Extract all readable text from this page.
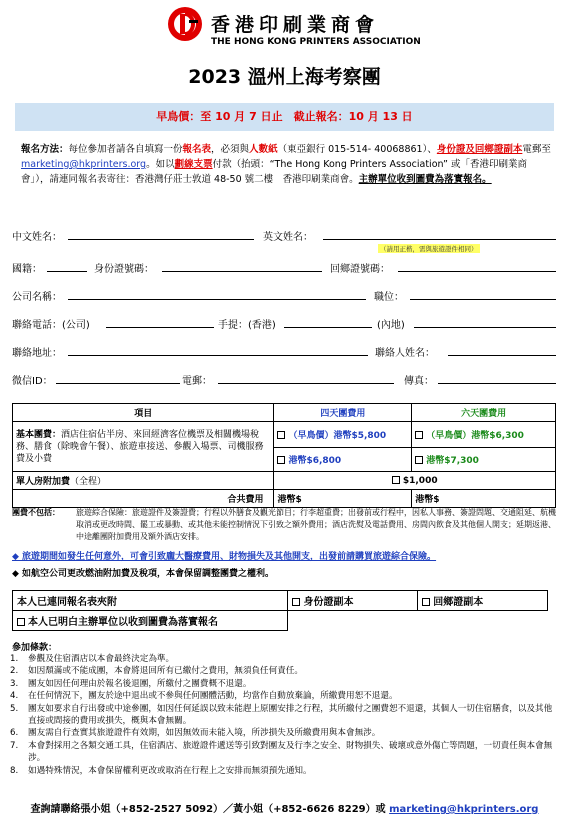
香港印刷業商會
THE HONG KONG PRINTERS ASSOCIATION
2023 溫州上海考察團
早鳥價：至 10 月 7 日止　截止報名：10 月 13 日
報名方法：每位參加者請各自填寫一份報名表，必須與人數紙（東亞銀行 015-514- 40068861）、身份證及回鄉證副本電郵至 marketing@hkprinters.org。如以劃線支票付款（抬頭：“The Hong Kong Printers Association” 或「香港印刷業商會」），請連同報名表寄往：香港灣仔莊士敦道 48-50 號二樓　香港印刷業商會。主辦單位收到圖費為落實報名。
中文姓名：	英文姓名：
（請用正楷，需與旅遊證件相同）
國籍：	身份證號碼：	回鄉證號碼：
公司名稱：	職位：
聯絡電話：(公司)	手提：(香港)	(內地)
聯絡地址：	聯絡人姓名：
微信ID：	電郵：	傳真：
項目	四天團費用	六天團費用
基本團費：酒店住宿佔半房、來回經濟客位機票及相關機場稅務、膳食（除晚會午餐）、旅遊車接送、參觀入場票、司機服務費及小費	（早鳥價）港幣$5,800	（早鳥價）港幣$6,300
	港幣$6,800	港幣$7,300
單人房附加費（全程）	$1,000	
合共費用	港幣$	港幣$
團費不包括：	旅遊綜合保險：旅遊證件及簽證費；行程以外膳食及觀光節目；行李超重費；出發前或行程中，因私人事務、簽證問題、交通阻延、航機取消或更改時間、罷工或暴動、或其他未能控制情況下引致之額外費用；酒店洗熨及電話費用、房間內飲食及其他個人開支；延期返港、中途離團附加費用及額外酒店安排。
◆ 旅遊期間如發生任何意外，可會引致龐大醫療費用、財物損失及其他開支，出發前請購買旅遊綜合保險。
◆ 如航空公司更改燃油附加費及稅項，本會保留調整團費之權利。
本人已連同報名表夾附	身份證副本	回鄉證副本
本人已明白主辦單位以收到圖費為落實報名		
參加條款：
1.	參觀及住宿酒店以本會最終決定為準。
2.	如因頹滿或不能成團，本會將退回所有已繳付之費用，無須負任何責任。
3.	團友如因任何理由於報名後退團，所繳付之團費概不退還。
4.	在任何情況下，團友於途中退出或不參與任何團體活動，均當作自動放棄論，所繳費用恕不退還。
5.	團友如要求自行出發或中途參團，如因任何延誤以致未能趕上原團安排之行程，其所繳付之團費恕不退還，其個人一切住宿膳食，以及其他直接或間接的費用或損失，概與本會無關。
6.	團友需自行查實其旅遊證件有效期，如因無效而未能入境，所涉損失及所繳費用與本會無涉。
7.	本會對採用之各類交通工具，住宿酒店、旅遊證件遞送等引致對團友及行李之安全、財物損失、破壞或意外傷亡等問題，一切責任與本會無涉。
8.	如遇特殊情況，本會保留權利更改或取消在行程上之安排而無須預先通知。
查詢請聯絡張小姐（+852-2527 5092）／黃小姐（+852-6626 8229）或 marketing@hkprinters.org
